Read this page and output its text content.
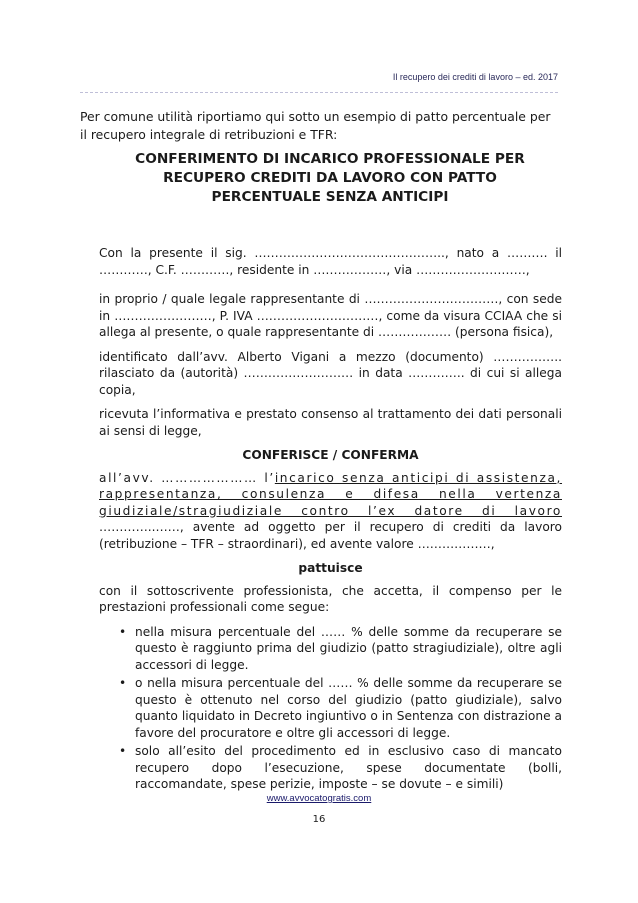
Il recupero dei crediti di lavoro – ed. 2017
Per comune utilità riportiamo qui sotto un esempio di patto percentuale per il recupero integrale di retribuzioni e TFR:
CONFERIMENTO DI INCARICO PROFESSIONALE PER
RECUPERO CREDITI DA LAVORO CON PATTO
PERCENTUALE SENZA ANTICIPI
Con la presente il sig. ……………………………………….., nato a ………. il …………, C.F. …………, residente in ………………, via ………………………,
in proprio / quale legale rappresentante di ……………………………, con sede in ……………………, P. IVA …………………………, come da visura CCIAA che si allega al presente, o quale rappresentante di ……………… (persona fisica),
identificato dall’avv. Alberto Vigani a mezzo (documento) …………….. rilasciato da (autorità) ……………………… in data ………….. di cui si allega copia,
ricevuta l’informativa e prestato consenso al trattamento dei dati personali ai sensi di legge,
CONFERISCE / CONFERMA
all’avv. ………………… l’incarico senza anticipi di assistenza, rappresentanza, consulenza e difesa nella vertenza giudiziale/stragiudiziale contro l’ex datore di lavoro …………..……, avente ad oggetto per il recupero di crediti da lavoro (retribuzione – TFR – straordinari), ed avente valore ………………,
pattuisce
con il sottoscrivente professionista, che accetta, il compenso per le prestazioni professionali come segue:
• nella misura percentuale del …… % delle somme da recuperare se questo è raggiunto prima del giudizio (patto stragiudiziale), oltre agli accessori di legge.
• o nella misura percentuale del …… % delle somme da recuperare se questo è ottenuto nel corso del giudizio (patto giudiziale), salvo quanto liquidato in Decreto ingiuntivo o in Sentenza con distrazione a favore del procuratore e oltre gli accessori di legge.
• solo all’esito del procedimento ed in esclusivo caso di mancato recupero dopo l’esecuzione, spese documentate (bolli, raccomandate, spese perizie, imposte – se dovute – e simili)
www.avvocatogratis.com
16
